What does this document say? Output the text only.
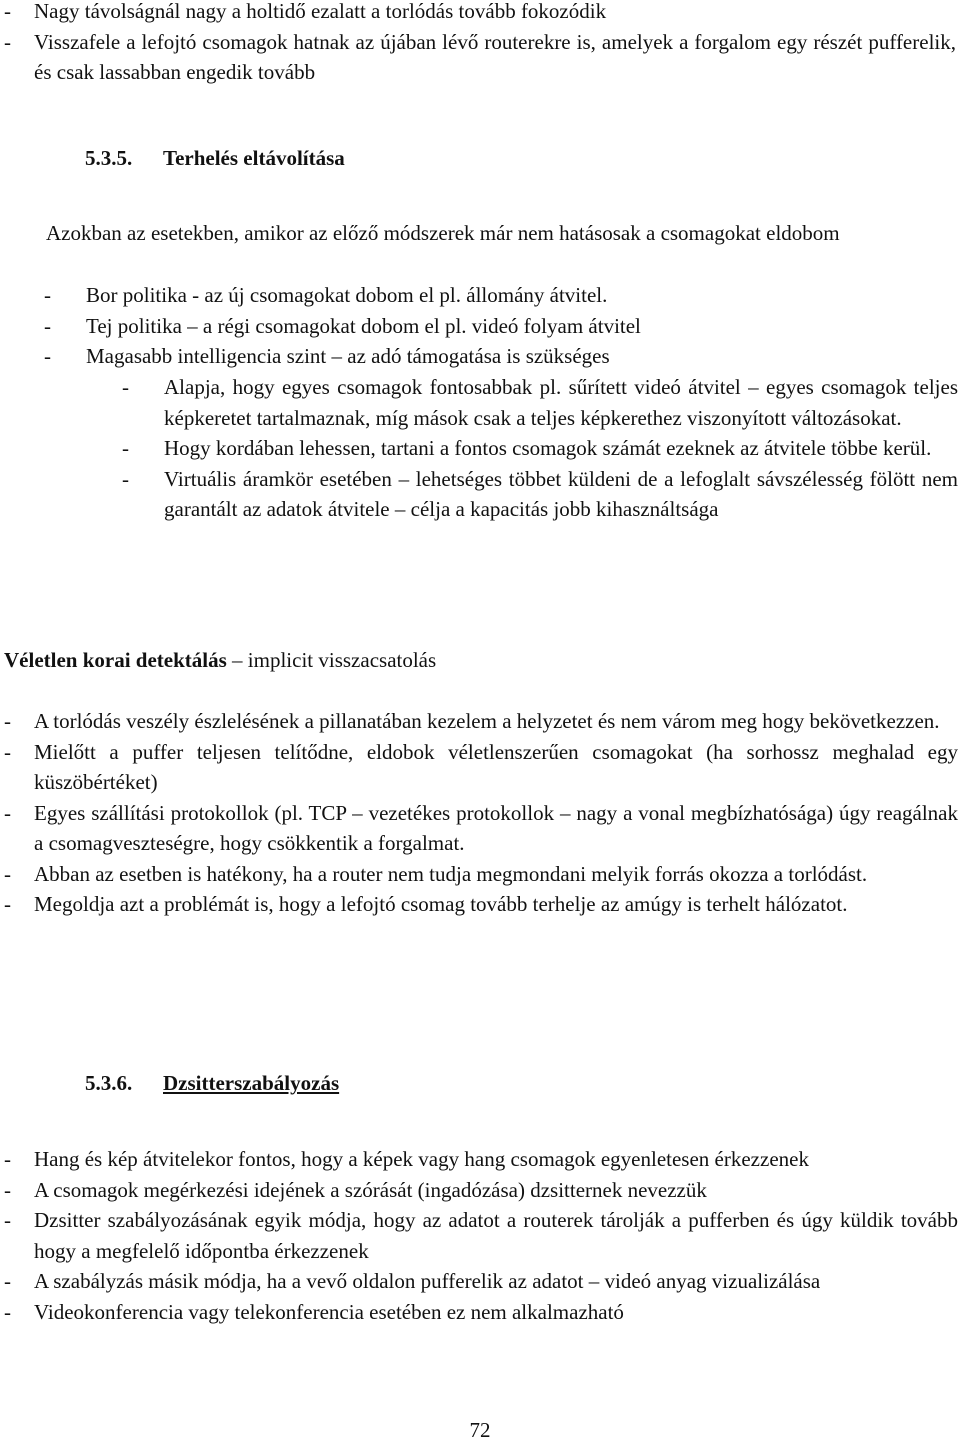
-	Nagy távolságnál nagy a holtidő ezalatt a torlódás tovább fokozódik
-	Visszafele a lefojtó csomagok hatnak az újában lévő routerekre is, amelyek a forgalom egy részét pufferelik, és csak lassabban engedik tovább
5.3.5. Terhelés eltávolítása
Azokban az esetekben, amikor az előző módszerek már nem hatásosak a csomagokat eldobom
-	Bor politika - az új csomagokat dobom el pl. állomány átvitel.
-	Tej politika – a régi csomagokat dobom el pl. videó folyam átvitel
-	Magasabb intelligencia szint – az adó támogatása is szükséges
-	Alapja, hogy egyes csomagok fontosabbak pl. sűrített videó átvitel – egyes csomagok teljes képkeretet tartalmaznak, míg mások csak a teljes képkerethez viszonyított változásokat.
-	Hogy kordában lehessen, tartani a fontos csomagok számát ezeknek az átvitele többe kerül.
-	Virtuális áramkör esetében – lehetséges többet küldeni de a lefoglalt sávszélesség fölött nem garantált az adatok átvitele – célja a kapacitás jobb kihasználtsága
Véletlen korai detektálás – implicit visszacsatolás
-	A torlódás veszély észlelésének a pillanatában kezelem a helyzetet és nem várom meg hogy bekövetkezzen.
-	Mielőtt a puffer teljesen telítődne, eldobok véletlenszerűen csomagokat (ha sorhossz meghalad egy küszöbértéket)
-	Egyes szállítási protokollok (pl. TCP – vezetékes protokollok – nagy a vonal megbízhatósága) úgy reagálnak a csomagveszteségre, hogy csökkentik a forgalmat.
-	Abban az esetben is hatékony, ha a router nem tudja megmondani melyik forrás okozza a torlódást.
-	Megoldja azt a problémát is, hogy a lefojtó csomag tovább terhelje az amúgy is terhelt hálózatot.
5.3.6. Dzsitterszabályozás
-	Hang és kép átvitelekor fontos, hogy a képek vagy hang csomagok egyenletesen érkezzenek
-	A csomagok megérkezési idejének a szórását (ingadózása) dzsitternek nevezzük
-	Dzsitter szabályozásának egyik módja, hogy az adatot a routerek tárolják a pufferben és úgy küldik tovább hogy a megfelelő időpontba érkezzenek
-	A szabályzás másik módja, ha a vevő oldalon pufferelik az adatot – videó anyag vizualizálása
-	Videokonferencia vagy telekonferencia esetében ez nem alkalmazható
72
